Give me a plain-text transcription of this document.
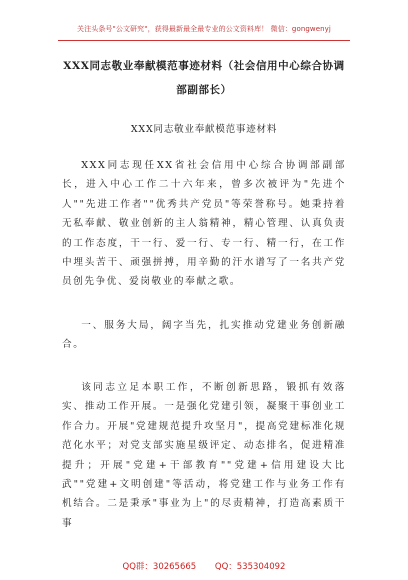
关注头条号"公文研究"，获得最新最全最专业的公文资料库！ 微信：gongwenyj
XXX同志敬业奉献模范事迹材料（社会信用中心综合协调部副部长）
XXX同志敬业奉献模范事迹材料

XXX同志现任XX省社会信用中心综合协调部副部长，进入中心工作二十六年来，曾多次被评为"先进个人""先进工作者""优秀共产党员"等荣誉称号。她秉持着无私奉献、敬业创新的主人翁精神，精心管理、认真负责的工作态度，干一行、爱一行、专一行、精一行，在工作中埋头苦干、顽强拼搏，用辛勤的汗水谱写了一名共产党员创先争优、爱岗敬业的奉献之歌。

一、服务大局，阔字当先，扎实推动党建业务创新融合。

该同志立足本职工作，不断创新思路，锻抓有效落实、推动工作开展。一是强化党建引领，凝聚干事创业工作合力。开展"党建规范提升攻坚月"，提高党建标准化规范化水平；对党支部实施星级评定、动态排名，促进精准提升；开展"党建+干部教育""党建+信用建设大比武""党建+文明创建"等活动，将党建工作与业务工作有机结合。二是秉承"事业为上"的尽责精神，打造高素质干事

QQ群：30265665 QQ：535304092
